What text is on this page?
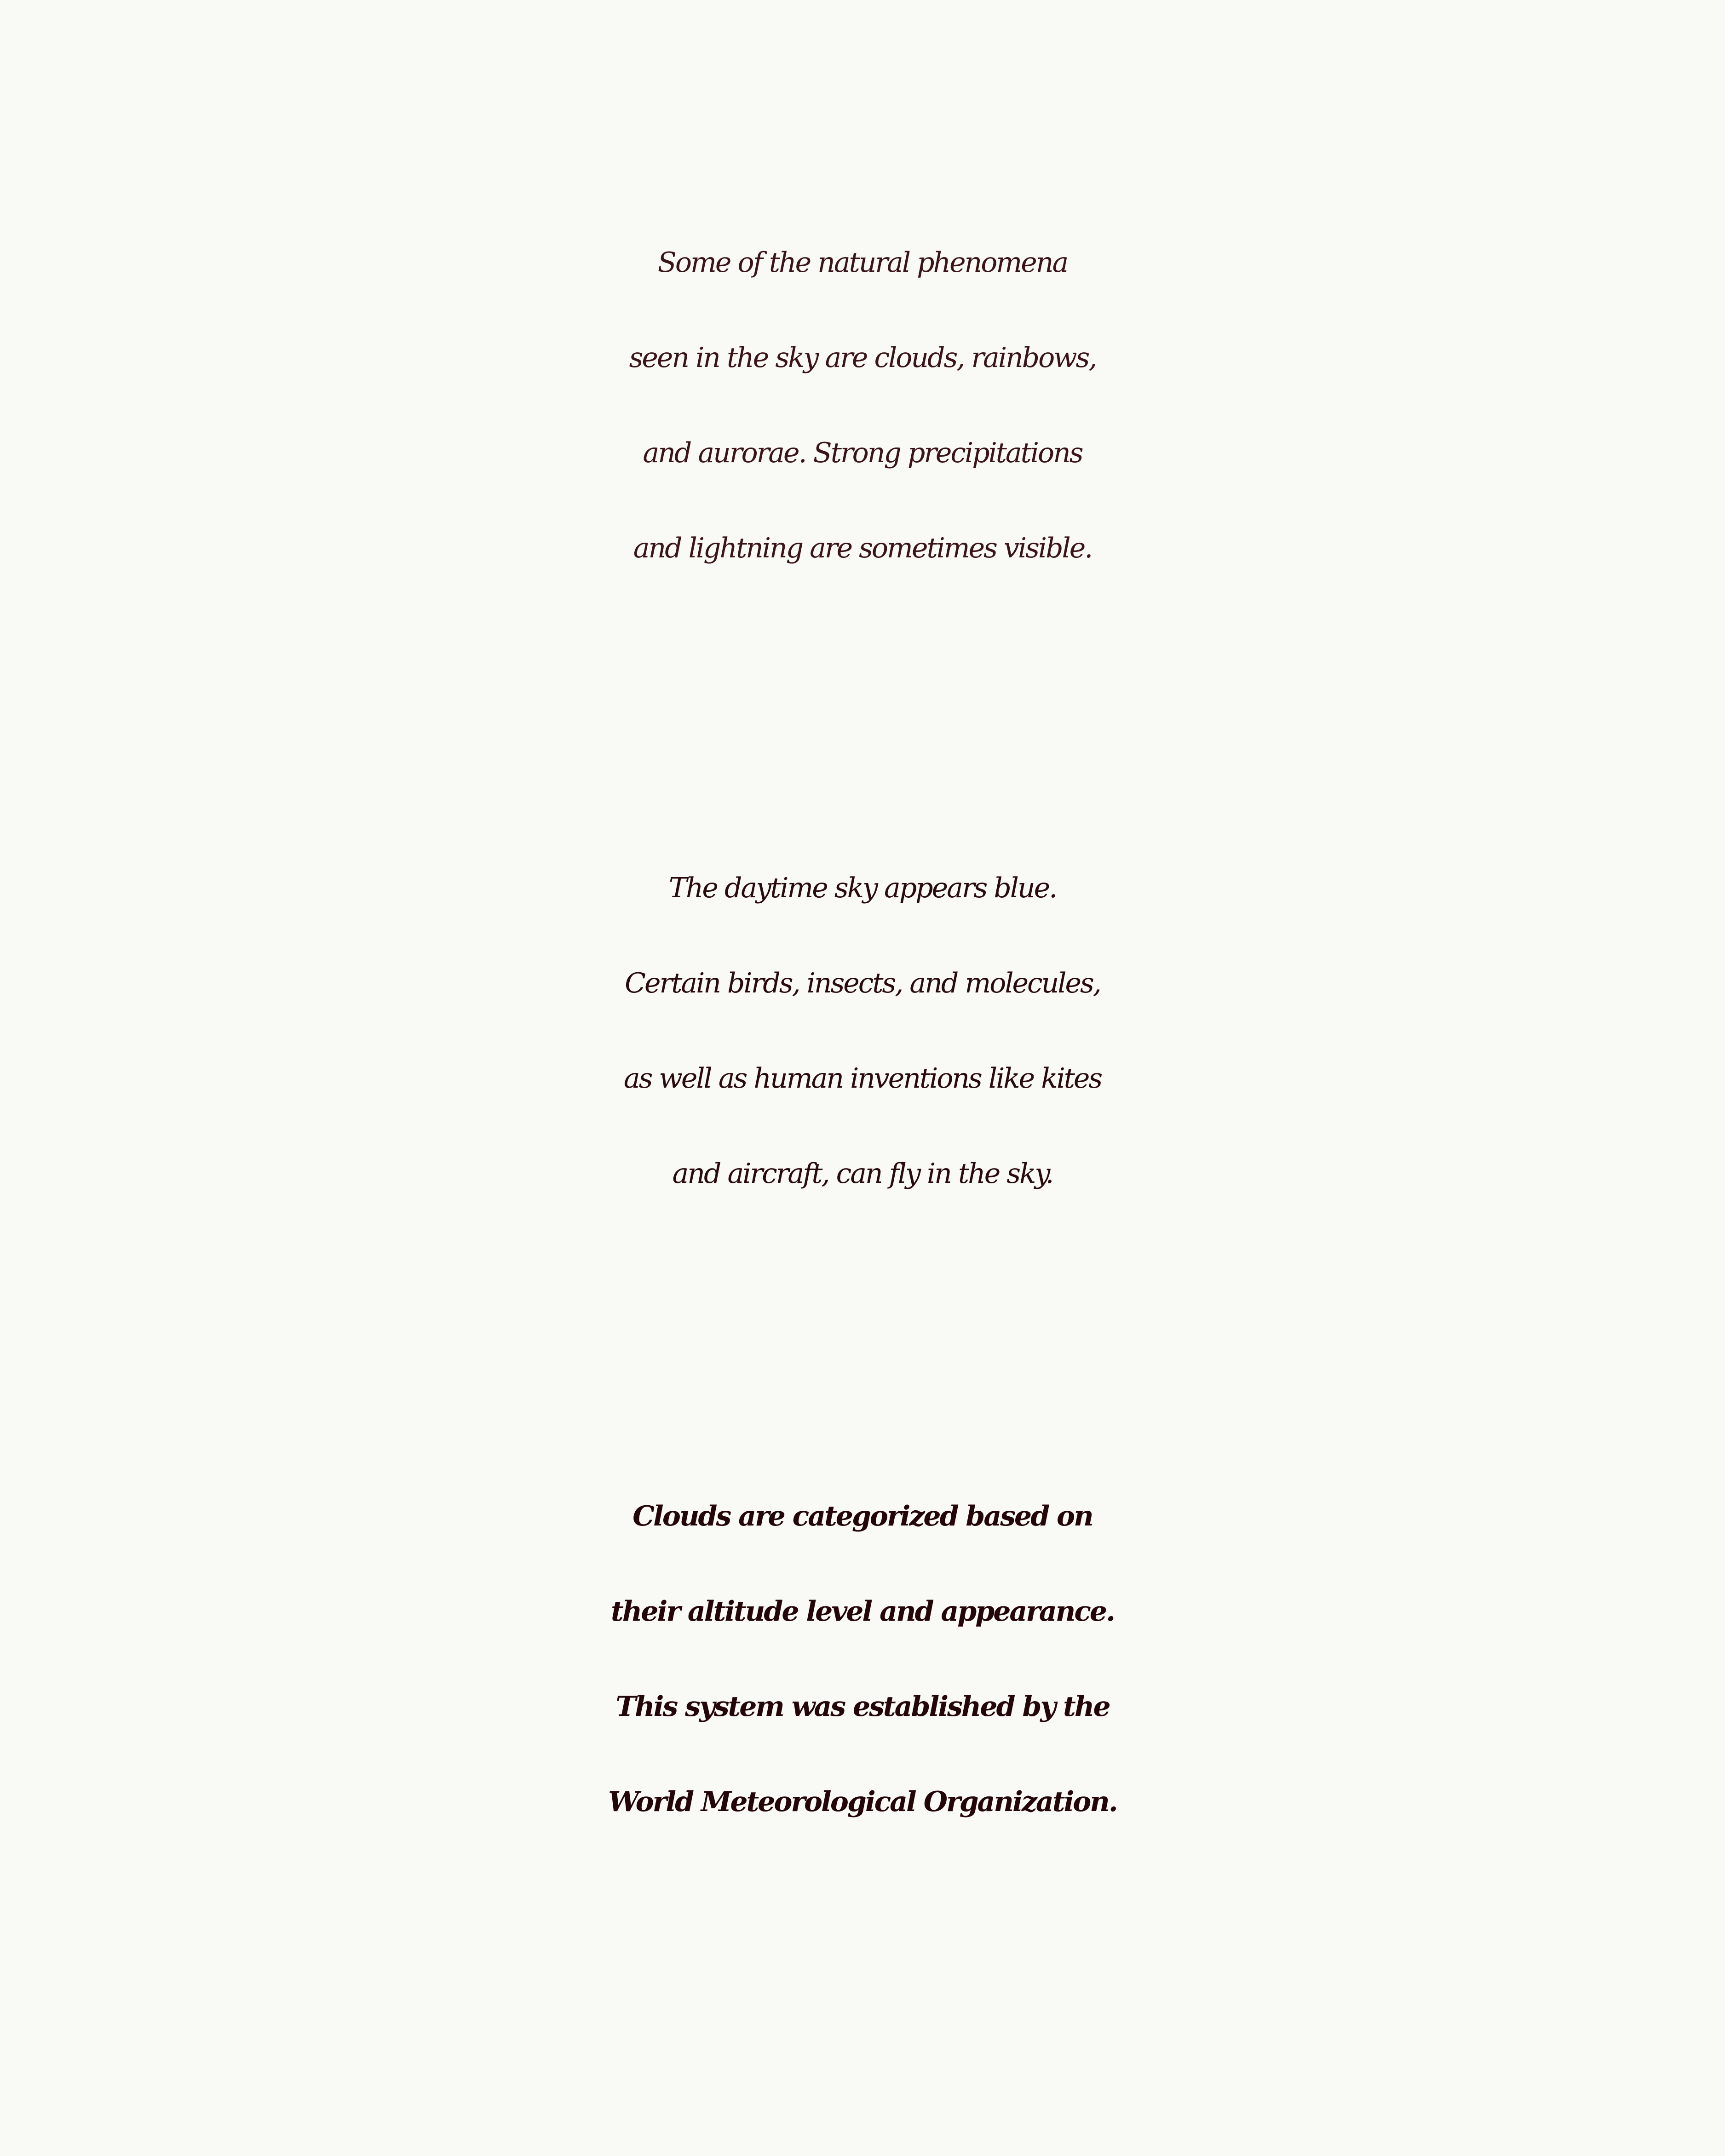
Some of the natural phenomena
seen in the sky are clouds, rainbows,
and aurorae. Strong precipitations
and lightning are sometimes visible.

The daytime sky appears blue.
Certain birds, insects, and molecules,
as well as human inventions like kites
and aircraft, can fly in the sky.

Clouds are categorized based on
their altitude level and appearance.
This system was established by the
World Meteorological Organization.
